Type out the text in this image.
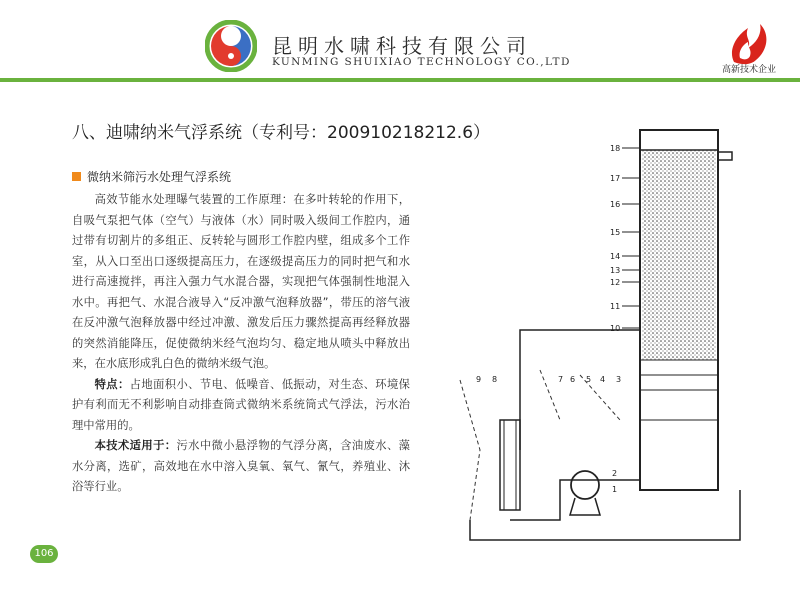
昆明水啸科技有限公司
KUNMING SHUIXIAO TECHNOLOGY CO.,LTD
高新技术企业
八、迪啸纳米气浮系统（专利号：200910218212.6）
微纳米筛污水处理气浮系统

高效节能水处理曝气装置的工作原理：在多叶转轮的作用下，自吸气泵把气体（空气）与液体（水）同时吸入级间工作腔内，通过带有切割片的多组正、反转轮与圆形工作腔内壁，组成多个工作室，从入口至出口逐级提高压力，在逐级提高压力的同时把气和水进行高速搅拌，再注入强力气水混合器，实现把气体强制性地混入水中。再把气、水混合液导入“反冲激气泡释放器”，带压的溶气液在反冲激气泡释放器中经过冲激、激发后压力骤然提高再经释放器的突然消能降压，促使微纳米经气泡均匀、稳定地从喷头中释放出来，在水底形成乳白色的微纳米级气泡。

特点：占地面积小、节电、低噪音、低振动，对生态、环境保护有利而无不利影响自动排查筒式微纳米系统筒式气浮法，污水治理中常用的。

本技术适用于：污水中微小悬浮物的气浮分离，含油废水、藻水分离，选矿，高效地在水中溶入臭氧、氧气、氰气，养殖业、沐浴等行业。

106
18
17
16
15
14
13
12
11
10
9 8	7 6 5 4 3
2
1
